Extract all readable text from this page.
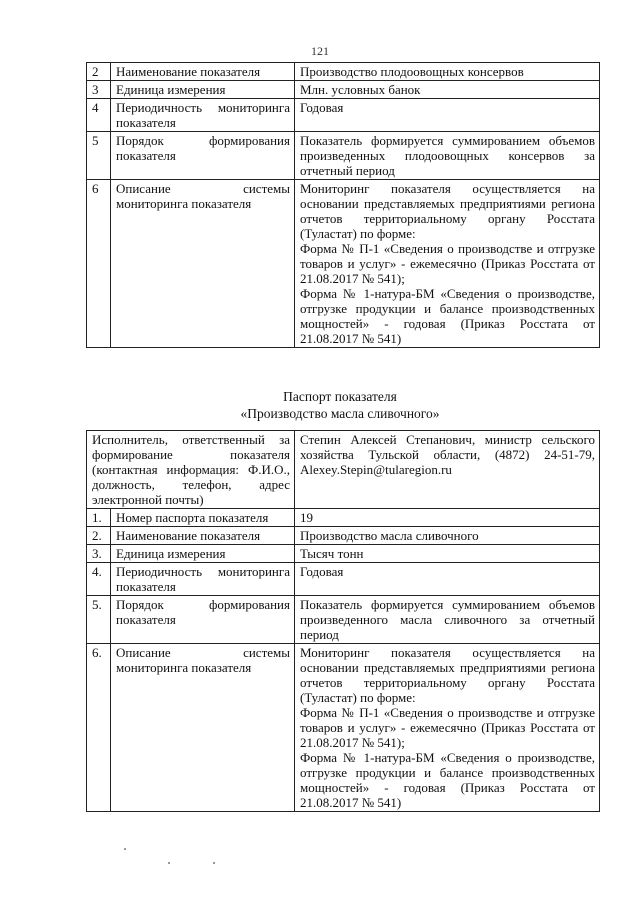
121
2	Наименование показателя	Производство плодоовощных консервов

3	Единица измерения	Млн. условных банок

4	Периодичность мониторинга показателя	Годовая

5	Порядок формирования показателя	Показатель формируется суммированием объемов произведенных плодоовощных консервов за отчетный период

6	Описание системы мониторинга показателя	Мониторинг показателя осуществляется на основании представляемых предприятиями региона отчетов территориальному органу Росстата (Туластат) по форме:
Форма № П-1 «Сведения о производстве и отгрузке товаров и услуг» - ежемесячно (Приказ Росстата от 21.08.2017 № 541);
Форма № 1-натура-БМ «Сведения о производстве, отгрузке продукции и балансе производственных мощностей» - годовая (Приказ Росстата от 21.08.2017 № 541)
Паспорт показателя
«Производство масла сливочного»
Исполнитель, ответственный за формирование показателя (контактная информация: Ф.И.О., должность, телефон, адрес электронной почты)		Степин Алексей Степанович, министр сельского хозяйства Тульской области, (4872) 24-51-79, Alexey.Stepin@tularegion.ru
1.	Номер паспорта показателя	19

2.	Наименование показателя	Производство масла сливочного

3.	Единица измерения	Тысяч тонн

4.	Периодичность мониторинга показателя	Годовая

5.	Порядок формирования показателя	Показатель формируется суммированием объемов произведенного масла сливочного за отчетный период

6.	Описание системы мониторинга показателя	Мониторинг показателя осуществляется на основании представляемых предприятиями региона отчетов территориальному органу Росстата (Туластат) по форме:
Форма № П-1 «Сведения о производстве и отгрузке товаров и услуг» - ежемесячно (Приказ Росстата от 21.08.2017 № 541);
Форма № 1-натура-БМ «Сведения о производстве, отгрузке продукции и балансе производственных мощностей» - годовая (Приказ Росстата от 21.08.2017 № 541)
